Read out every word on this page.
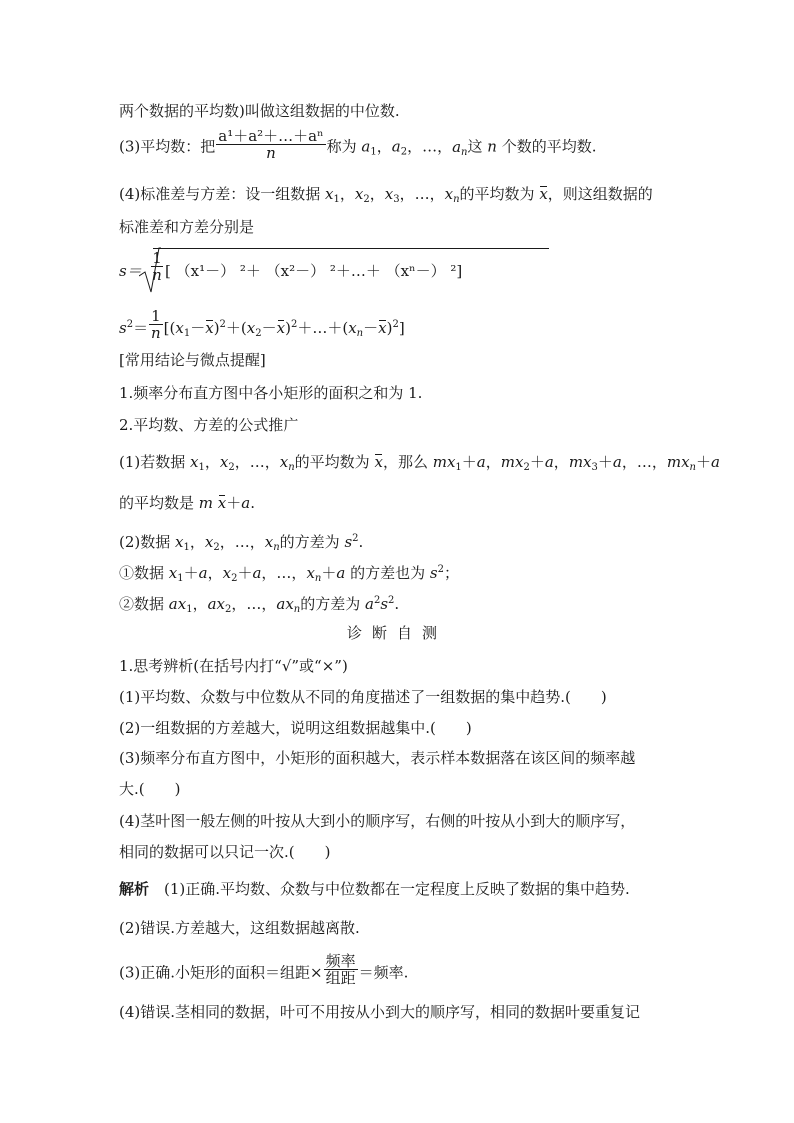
两个数据的平均数)叫做这组数据的中位数.
(3)平均数：把 $\frac{\text{a¹＋a²＋…＋aⁿ}}{n}$ 称为 $a_1$，$a_2$，…，$a_n$这 n 个数的平均数.
(4)标准差与方差：设一组数据 $x_1$，$x_2$，$x_3$，…，$x_n$的平均数为 x，则这组数据的
标准差和方差分别是
s＝
1
n [ （x¹－） ²＋ （x²－） ²＋…＋ （xⁿ－） ²]
$s^2= \frac{1}{n}$ $[(x_1-x)^2+(x_2-x)^2+\dots+(x_n-x)^2]$
[常用结论与微点提醒]
1.频率分布直方图中各小矩形的面积之和为 1.
2.平均数、方差的公式推广
(1)若数据 $x_1$，$x_2$，…，$x_n$的平均数为 x，那么 $mx_1+a$，$mx_2+a$，$mx_3+a$，…，$mx_n+a$
的平均数是 m x＋a.
(2)数据 $x_1$，$x_2$，…，$x_n$的方差为 $s^2$.
①数据 $x_1+a$，$x_2+a$，…，$x_n+a$ 的方差也为 $s^2$；
②数据 $ax_1$，$ax_2$，…，$ax_n$的方差为 $a^2s^2$.
诊断自测
1.思考辨析(在括号内打“√”或“×”)
(1)平均数、众数与中位数从不同的角度描述了一组数据的集中趋势.(　　)
(2)一组数据的方差越大，说明这组数据越集中.(　　)
(3)频率分布直方图中，小矩形的面积越大，表示样本数据落在该区间的频率越
大.(　　)
(4)茎叶图一般左侧的叶按从大到小的顺序写，右侧的叶按从小到大的顺序写，
相同的数据可以只记一次.(　　)
解析　 (1)正确.平均数、众数与中位数都在一定程度上反映了数据的集中趋势.
(2)错误.方差越大，这组数据越离散.
(3)正确.小矩形的面积＝组距× $\frac{\text{频率}}{\text{组距}}$ ＝频率.
(4)错误.茎相同的数据，叶可不用按从小到大的顺序写，相同的数据叶要重复记
